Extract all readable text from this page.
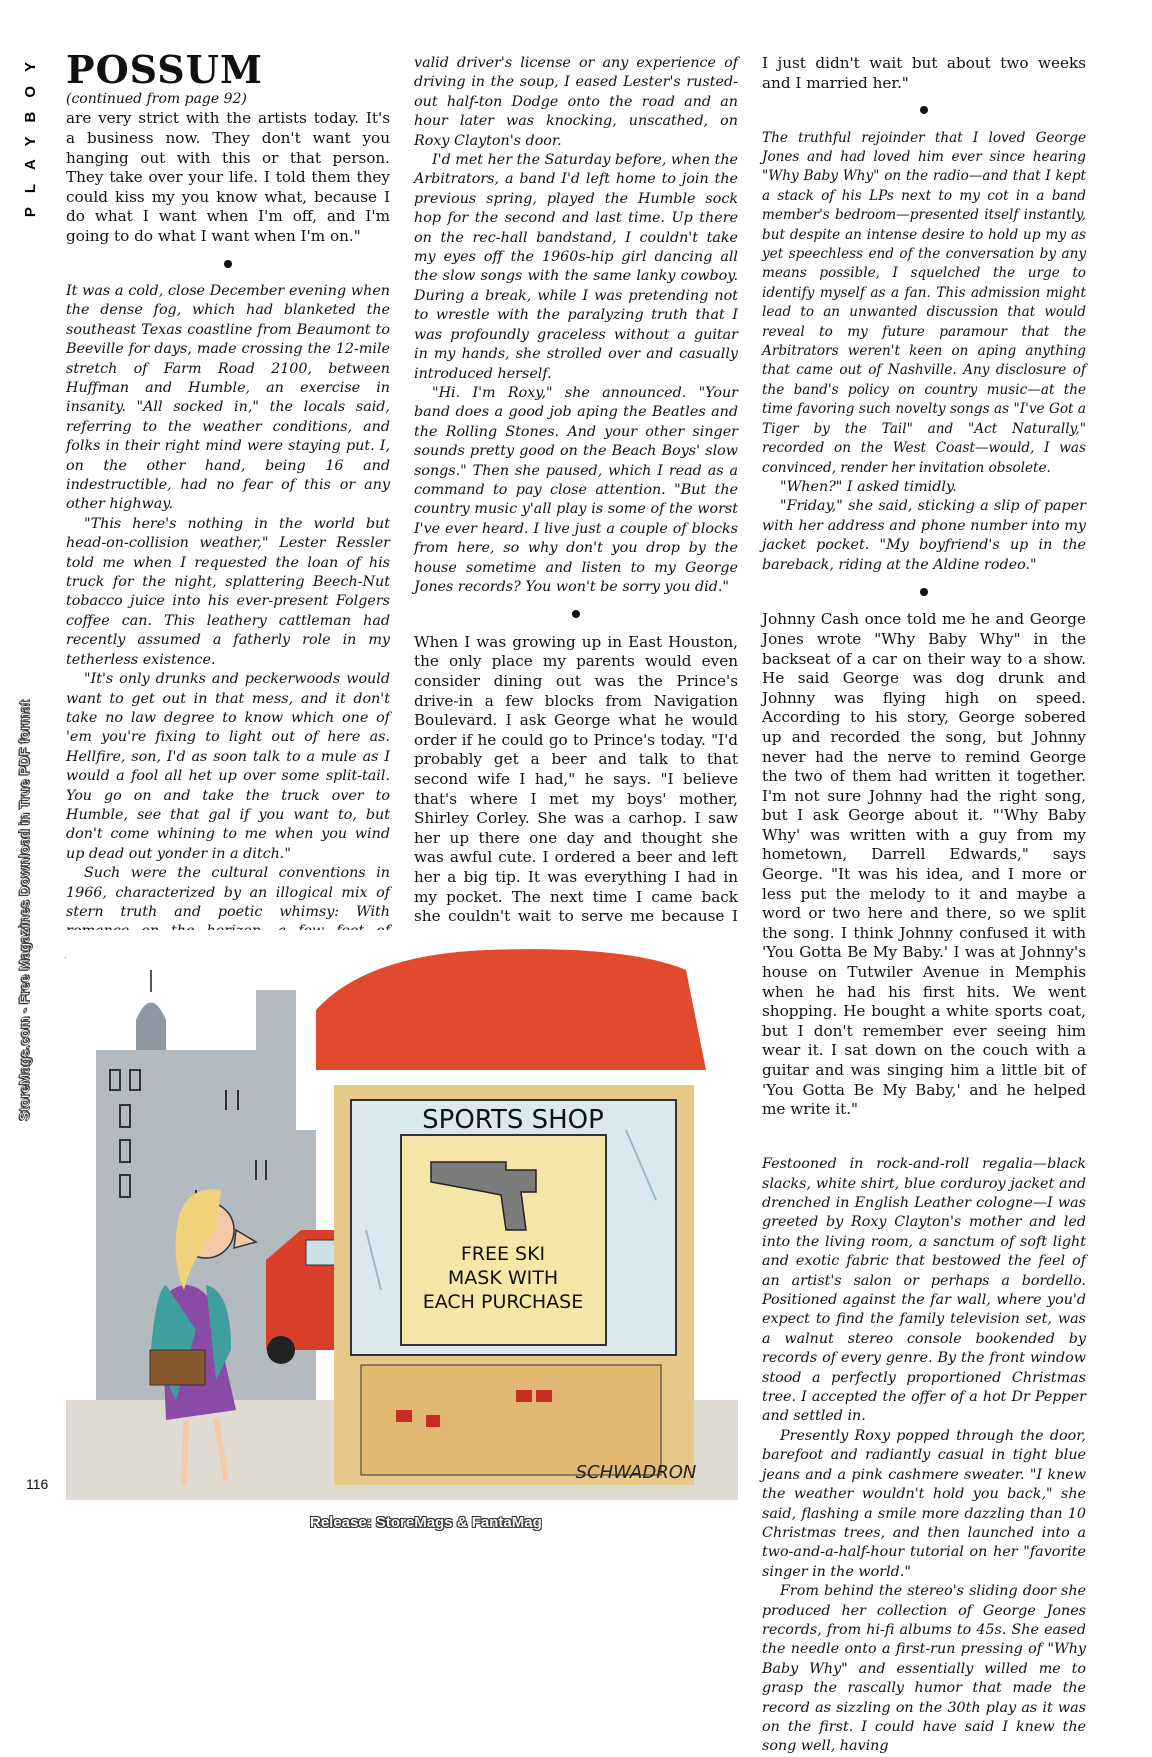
PLAYBOY
StoreMags.com - Free Magazines Download in True PDF format
POSSUM

(continued from page 92)

are very strict with the artists today. It's a business now. They don't want you hanging out with this or that person. They take over your life. I told them they could kiss my you know what, because I do what I want when I'm off, and I'm going to do what I want when I'm on."

It was a cold, close December evening when the dense fog, which had blanketed the southeast Texas coastline from Beaumont to Beeville for days, made crossing the 12-mile stretch of Farm Road 2100, between Huffman and Humble, an exercise in insanity. "All socked in," the locals said, referring to the weather conditions, and folks in their right mind were staying put. I, on the other hand, being 16 and indestructible, had no fear of this or any other highway.

"This here's nothing in the world but head-on-collision weather," Lester Ressler told me when I requested the loan of his truck for the night, splattering Beech-Nut tobacco juice into his ever-present Folgers coffee can. This leathery cattleman had recently assumed a fatherly role in my tetherless existence.

"It's only drunks and peckerwoods would want to get out in that mess, and it don't take no law degree to know which one of 'em you're fixing to light out of here as. Hellfire, son, I'd as soon talk to a mule as I would a fool all het up over some split-tail. You go on and take the truck over to Humble, see that gal if you want to, but don't come whining to me when you wind up dead out yonder in a ditch."

Such were the cultural conventions in 1966, characterized by an illogical mix of stern truth and poetic whimsy: With

valid driver's license or any experience of driving in the soup, I eased Lester's rusted-out half-ton Dodge onto the road and an hour later was knocking, unscathed, on Roxy Clayton's door.

I'd met her the Saturday before, when the Arbitrators, a band I'd left home to join the previous spring, played the Humble sock hop for the second and last time. Up there on the rec-hall bandstand, I couldn't take my eyes off the 1960s-hip girl dancing all the slow songs with the same lanky cowboy. During a break, while I was pretending not to wrestle with the paralyzing truth that I was profoundly graceless without a guitar in my hands, she strolled over and casually introduced herself.

"Hi. I'm Roxy," she announced. "Your band does a good job aping the Beatles and the Rolling Stones. And your other singer sounds pretty good on the Beach Boys' slow songs." Then she paused, which I read as a command to pay close attention. "But the country music y'all play is some of the worst I've ever heard. I live just a couple of blocks from here, so why don't you drop by the house sometime and listen to my George Jones records? You won't be sorry you did."

When I was growing up in East Houston, the only place my parents would even consider dining out was the Prince's drive-in a few blocks from Navigation Boulevard. I ask George what he would order if he could go to Prince's today. "I'd probably get a beer and talk to that second wife I had," he says. "I believe that's where I met my boys' mother, Shirley Corley. She was a carhop. I saw her up there one day and thought she was awful cute. I ordered a beer and left her a big tip. It was everything I had in my pocket. The next time I came back she couldn't wait to serve me because I

I just didn't wait but about two weeks and I married her."

The truthful rejoinder that I loved George Jones and had loved him ever since hearing "Why Baby Why" on the radio—and that I kept a stack of his LPs next to my cot in a band member's bedroom—presented itself instantly, but despite an intense desire to hold up my as yet speechless end of the conversation by any means possible, I squelched the urge to identify myself as a fan. This admission might lead to an unwanted discussion that would reveal to my future paramour that the Arbitrators weren't keen on aping anything that came out of Nashville. Any disclosure of the band's policy on country music—at the time favoring such novelty songs as "I've Got a Tiger by the Tail" and "Act Naturally," recorded on the West Coast—would, I was convinced, render her invitation obsolete.

"When?" I asked timidly.

"Friday," she said, sticking a slip of paper with her address and phone number into my jacket pocket. "My boyfriend's up in the bareback, riding at the Aldine rodeo."

Johnny Cash once told me he and George Jones wrote "Why Baby Why" in the backseat of a car on their way to a show. He said George was dog drunk and Johnny was flying high on speed. According to his story, George sobered up and recorded the song, but Johnny never had the nerve to remind George the two of them had written it together. I'm not sure Johnny had the right song, but I ask George about it. "'Why Baby Why' was written with a guy from my hometown, Darrell Edwards," says George. "It was his idea, and I more or less put the melody to it and maybe a word or two here and there, so we split the song. I think Johnny confused it with 'You Gotta Be My Baby.' I was at Johnny's house on Tutwiler Avenue in Memphis when he had his first hits. We went shopping. He bought a white sports coat, but I don't remember ever seeing him wear it. I sat down on the couch with a guitar and was singing him a little bit of 'You Gotta Be My Baby,' and he helped me write it."

Festooned in rock-and-roll regalia—black slacks, white shirt, blue corduroy jacket and drenched in English Leather cologne—I was greeted by Roxy Clayton's mother and led into the living room, a sanctum of soft light and exotic fabric that bestowed the feel of an artist's salon or perhaps a bordello. Positioned against the far wall, where you'd expect to find the family television set, was a walnut stereo console bookended by records of every genre. By the front window stood a perfectly proportioned Christmas tree. I accepted the offer of a hot Dr Pepper and settled in.

Presently Roxy popped through the door, barefoot and radiantly casual in tight blue jeans and a pink cashmere sweater. "I knew the weather wouldn't hold you back," she said, flashing a smile more dazzling than 10 Christmas trees, and then launched into a two-and-a-half-hour tutorial on her "favorite singer in the world."

From behind the stereo's sliding door she produced her collection of George Jones records, from hi-fi albums to 45s. She eased the needle onto a first-run pressing of "Why Baby Why" and essentially willed me to grasp the rascally humor that made the record as sizzling on the 30th play as it was on the first. I could have said I knew the song well, having

SPORTS SHOP
FREE SKI
MASK WITH
EACH PURCHASE
SCHWADRON
116
Release: StoreMags & FantaMag
